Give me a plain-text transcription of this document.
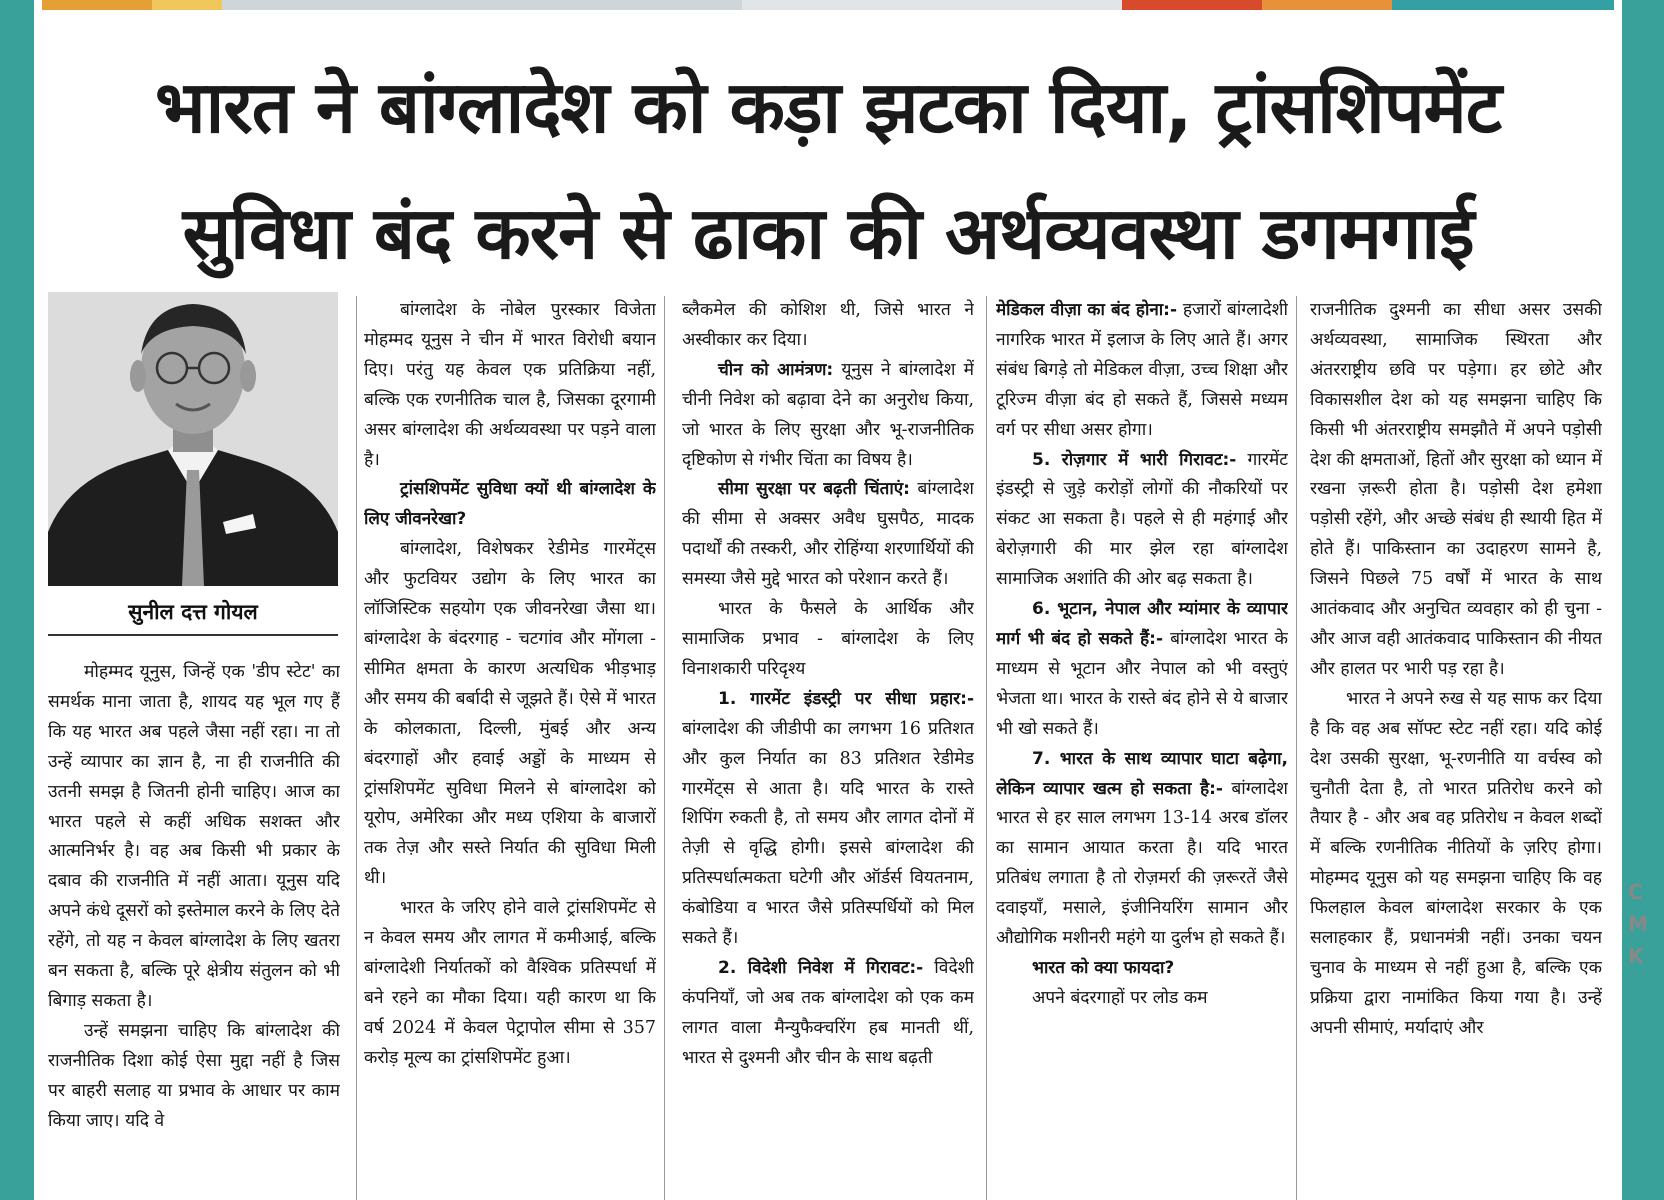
भारत ने बांग्लादेश को कड़ा झटका दिया, ट्रांसशिपमेंट
सुविधा बंद करने से ढाका की अर्थव्यवस्था डगमगाई
सुनील दत्त गोयल

मोहम्मद यूनुस, जिन्हें एक 'डीप स्टेट' का समर्थक माना जाता है, शायद यह भूल गए हैं कि यह भारत अब पहले जैसा नहीं रहा। ना तो उन्हें व्यापार का ज्ञान है, ना ही राजनीति की उतनी समझ है जितनी होनी चाहिए। आज का भारत पहले से कहीं अधिक सशक्त और आत्मनिर्भर है। वह अब किसी भी प्रकार के दबाव की राजनीति में नहीं आता। यूनुस यदि अपने कंधे दूसरों को इस्तेमाल करने के लिए देते रहेंगे, तो यह न केवल बांग्लादेश के लिए खतरा बन सकता है, बल्कि पूरे क्षेत्रीय संतुलन को भी बिगाड़ सकता है।

उन्हें समझना चाहिए कि बांग्लादेश की राजनीतिक दिशा कोई ऐसा मुद्दा नहीं है जिस पर बाहरी सलाह या प्रभाव के आधार पर काम किया जाए। यदि वे

बांग्लादेश के नोबेल पुरस्कार विजेता मोहम्मद यूनुस ने चीन में भारत विरोधी बयान दिए। परंतु यह केवल एक प्रतिक्रिया नहीं, बल्कि एक रणनीतिक चाल है, जिसका दूरगामी असर बांग्लादेश की अर्थव्यवस्था पर पड़ने वाला है।

ट्रांसशिपमेंट सुविधा क्यों थी बांग्लादेश के लिए जीवनरेखा?

बांग्लादेश, विशेषकर रेडीमेड गारमेंट्स और फुटवियर उद्योग के लिए भारत का लॉजिस्टिक सहयोग एक जीवनरेखा जैसा था। बांग्लादेश के बंदरगाह - चटगांव और मोंगला - सीमित क्षमता के कारण अत्यधिक भीड़भाड़ और समय की बर्बादी से जूझते हैं। ऐसे में भारत के कोलकाता, दिल्ली, मुंबई और अन्य बंदरगाहों और हवाई अड्डों के माध्यम से ट्रांसशिपमेंट सुविधा मिलने से बांग्लादेश को यूरोप, अमेरिका और मध्य एशिया के बाजारों तक तेज़ और सस्ते निर्यात की सुविधा मिली थी।

भारत के जरिए होने वाले ट्रांसशिपमेंट से न केवल समय और लागत में कमीआई, बल्कि बांग्लादेशी निर्यातकों को वैश्विक प्रतिस्पर्धा में बने रहने का मौका दिया। यही कारण था कि वर्ष 2024 में केवल पेट्रापोल सीमा से 357 करोड़ मूल्य का ट्रांसशिपमेंट हुआ।

ब्लैकमेल की कोशिश थी, जिसे भारत ने अस्वीकार कर दिया।

चीन को आमंत्रण: यूनुस ने बांग्लादेश में चीनी निवेश को बढ़ावा देने का अनुरोध किया, जो भारत के लिए सुरक्षा और भू-राजनीतिक दृष्टिकोण से गंभीर चिंता का विषय है।

सीमा सुरक्षा पर बढ़ती चिंताएं: बांग्लादेश की सीमा से अक्सर अवैध घुसपैठ, मादक पदार्थों की तस्करी, और रोहिंग्या शरणार्थियों की समस्या जैसे मुद्दे भारत को परेशान करते हैं।

भारत के फैसले के आर्थिक और सामाजिक प्रभाव - बांग्लादेश के लिए विनाशकारी परिदृश्य

1. गारमेंट इंडस्ट्री पर सीधा प्रहार:- बांग्लादेश की जीडीपी का लगभग 16 प्रतिशत और कुल निर्यात का 83 प्रतिशत रेडीमेड गारमेंट्स से आता है। यदि भारत के रास्ते शिपिंग रुकती है, तो समय और लागत दोनों में तेज़ी से वृद्धि होगी। इससे बांग्लादेश की प्रतिस्पर्धात्मकता घटेगी और ऑर्डर्स वियतनाम, कंबोडिया व भारत जैसे प्रतिस्पर्धियों को मिल सकते हैं।

2. विदेशी निवेश में गिरावट:- विदेशी कंपनियाँ, जो अब तक बांग्लादेश को एक कम लागत वाला मैन्युफैक्चरिंग हब मानती थीं, भारत से दुश्मनी और चीन के साथ बढ़ती

मेडिकल वीज़ा का बंद होना:- हजारों बांग्लादेशी नागरिक भारत में इलाज के लिए आते हैं। अगर संबंध बिगड़े तो मेडिकल वीज़ा, उच्च शिक्षा और टूरिज्म वीज़ा बंद हो सकते हैं, जिससे मध्यम वर्ग पर सीधा असर होगा।

5. रोज़गार में भारी गिरावट:- गारमेंट इंडस्ट्री से जुड़े करोड़ों लोगों की नौकरियों पर संकट आ सकता है। पहले से ही महंगाई और बेरोज़गारी की मार झेल रहा बांग्लादेश सामाजिक अशांति की ओर बढ़ सकता है।

6. भूटान, नेपाल और म्यांमार के व्यापार मार्ग भी बंद हो सकते हैं:- बांग्लादेश भारत के माध्यम से भूटान और नेपाल को भी वस्तुएं भेजता था। भारत के रास्ते बंद होने से ये बाजार भी खो सकते हैं।

7. भारत के साथ व्यापार घाटा बढ़ेगा, लेकिन व्यापार खत्म हो सकता है:- बांग्लादेश भारत से हर साल लगभग 13-14 अरब डॉलर का सामान आयात करता है। यदि भारत प्रतिबंध लगाता है तो रोज़मर्रा की ज़रूरतें जैसे दवाइयाँ, मसाले, इंजीनियरिंग सामान और औद्योगिक मशीनरी महंगे या दुर्लभ हो सकते हैं।

भारत को क्या फायदा?

अपने बंदरगाहों पर लोड कम

राजनीतिक दुश्मनी का सीधा असर उसकी अर्थव्यवस्था, सामाजिक स्थिरता और अंतरराष्ट्रीय छवि पर पड़ेगा। हर छोटे और विकासशील देश को यह समझना चाहिए कि किसी भी अंतरराष्ट्रीय समझौते में अपने पड़ोसी देश की क्षमताओं, हितों और सुरक्षा को ध्यान में रखना ज़रूरी होता है। पड़ोसी देश हमेशा पड़ोसी रहेंगे, और अच्छे संबंध ही स्थायी हित में होते हैं। पाकिस्तान का उदाहरण सामने है, जिसने पिछले 75 वर्षों में भारत के साथ आतंकवाद और अनुचित व्यवहार को ही चुना - और आज वही आतंकवाद पाकिस्तान की नीयत और हालत पर भारी पड़ रहा है।

भारत ने अपने रुख से यह साफ कर दिया है कि वह अब सॉफ्ट स्टेट नहीं रहा। यदि कोई देश उसकी सुरक्षा, भू-रणनीति या वर्चस्व को चुनौती देता है, तो भारत प्रतिरोध करने को तैयार है - और अब वह प्रतिरोध न केवल शब्दों में बल्कि रणनीतिक नीतियों के ज़रिए होगा। मोहम्मद यूनुस को यह समझना चाहिए कि वह फिलहाल केवल बांग्लादेश सरकार के एक सलाहकार हैं, प्रधानमंत्री नहीं। उनका चयन चुनाव के माध्यम से नहीं हुआ है, बल्कि एक प्रक्रिया द्वारा नामांकित किया गया है। उन्हें अपनी सीमाएं, मर्यादाएं और

C
M
K
